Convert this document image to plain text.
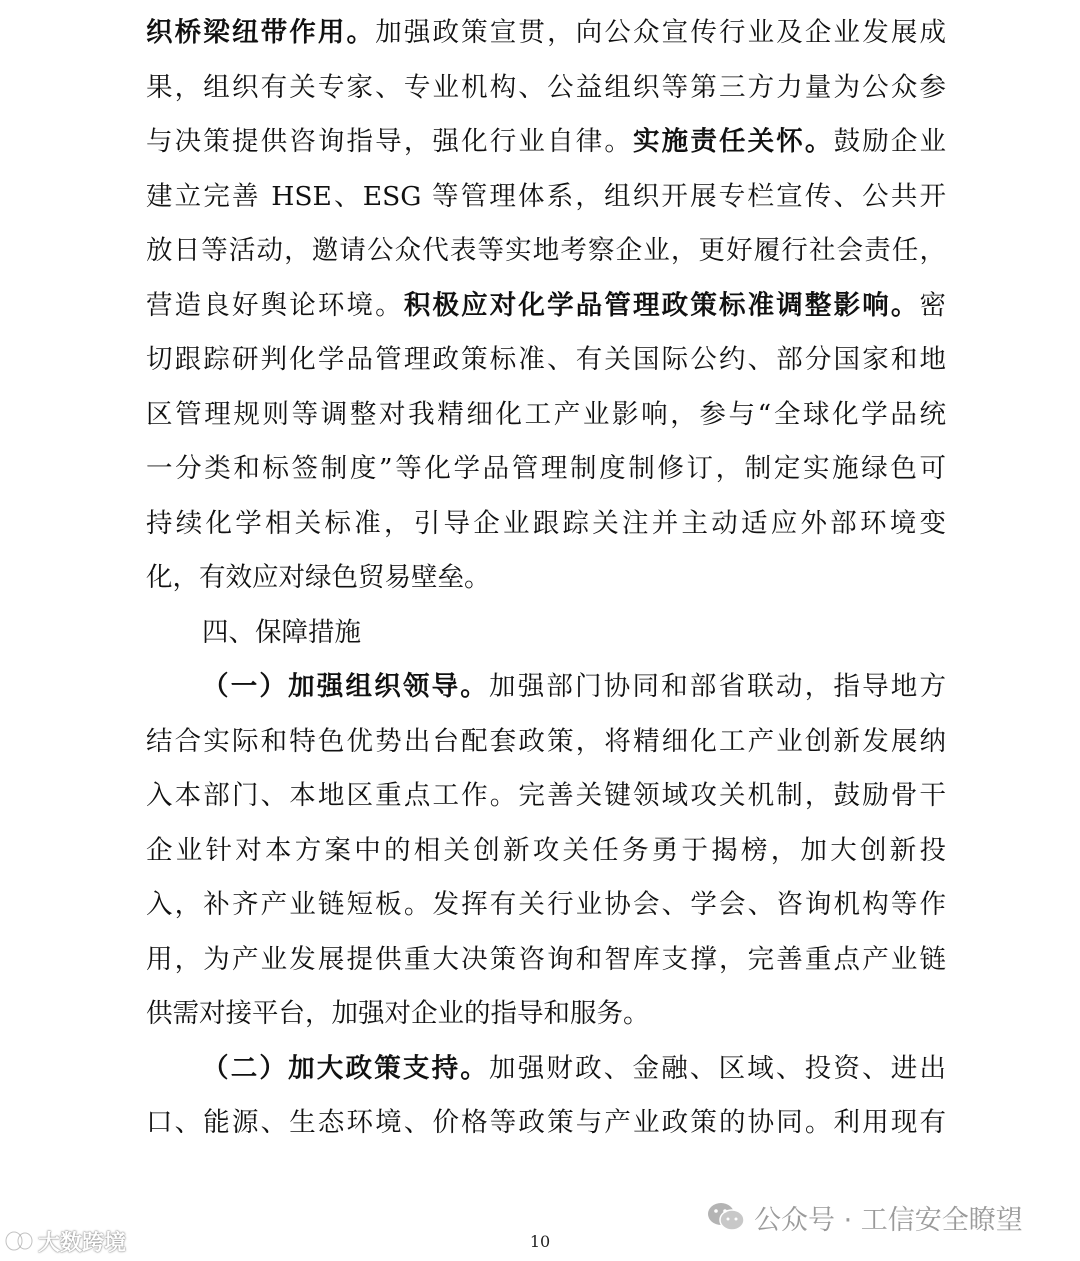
织桥梁纽带作用。加强政策宣贯，向公众宣传行业及企业发展成
果，组织有关专家、专业机构、公益组织等第三方力量为公众参
与决策提供咨询指导，强化行业自律。实施责任关怀。鼓励企业
建立完善 HSE、ESG 等管理体系，组织开展专栏宣传、公共开
放日等活动，邀请公众代表等实地考察企业，更好履行社会责任，
营造良好舆论环境。积极应对化学品管理政策标准调整影响。密
切跟踪研判化学品管理政策标准、有关国际公约、部分国家和地
区管理规则等调整对我精细化工产业影响，参与“全球化学品统
一分类和标签制度”等化学品管理制度制修订，制定实施绿色可
持续化学相关标准，引导企业跟踪关注并主动适应外部环境变
化，有效应对绿色贸易壁垒。
四、保障措施
（一）加强组织领导。加强部门协同和部省联动，指导地方
结合实际和特色优势出台配套政策，将精细化工产业创新发展纳
入本部门、本地区重点工作。完善关键领域攻关机制，鼓励骨干
企业针对本方案中的相关创新攻关任务勇于揭榜，加大创新投
入，补齐产业链短板。发挥有关行业协会、学会、咨询机构等作
用，为产业发展提供重大决策咨询和智库支撑，完善重点产业链
供需对接平台，加强对企业的指导和服务。
（二）加大政策支持。加强财政、金融、区域、投资、进出
口、能源、生态环境、价格等政策与产业政策的协同。利用现有
公众号 · 工信安全瞭望
大数跨境	10
